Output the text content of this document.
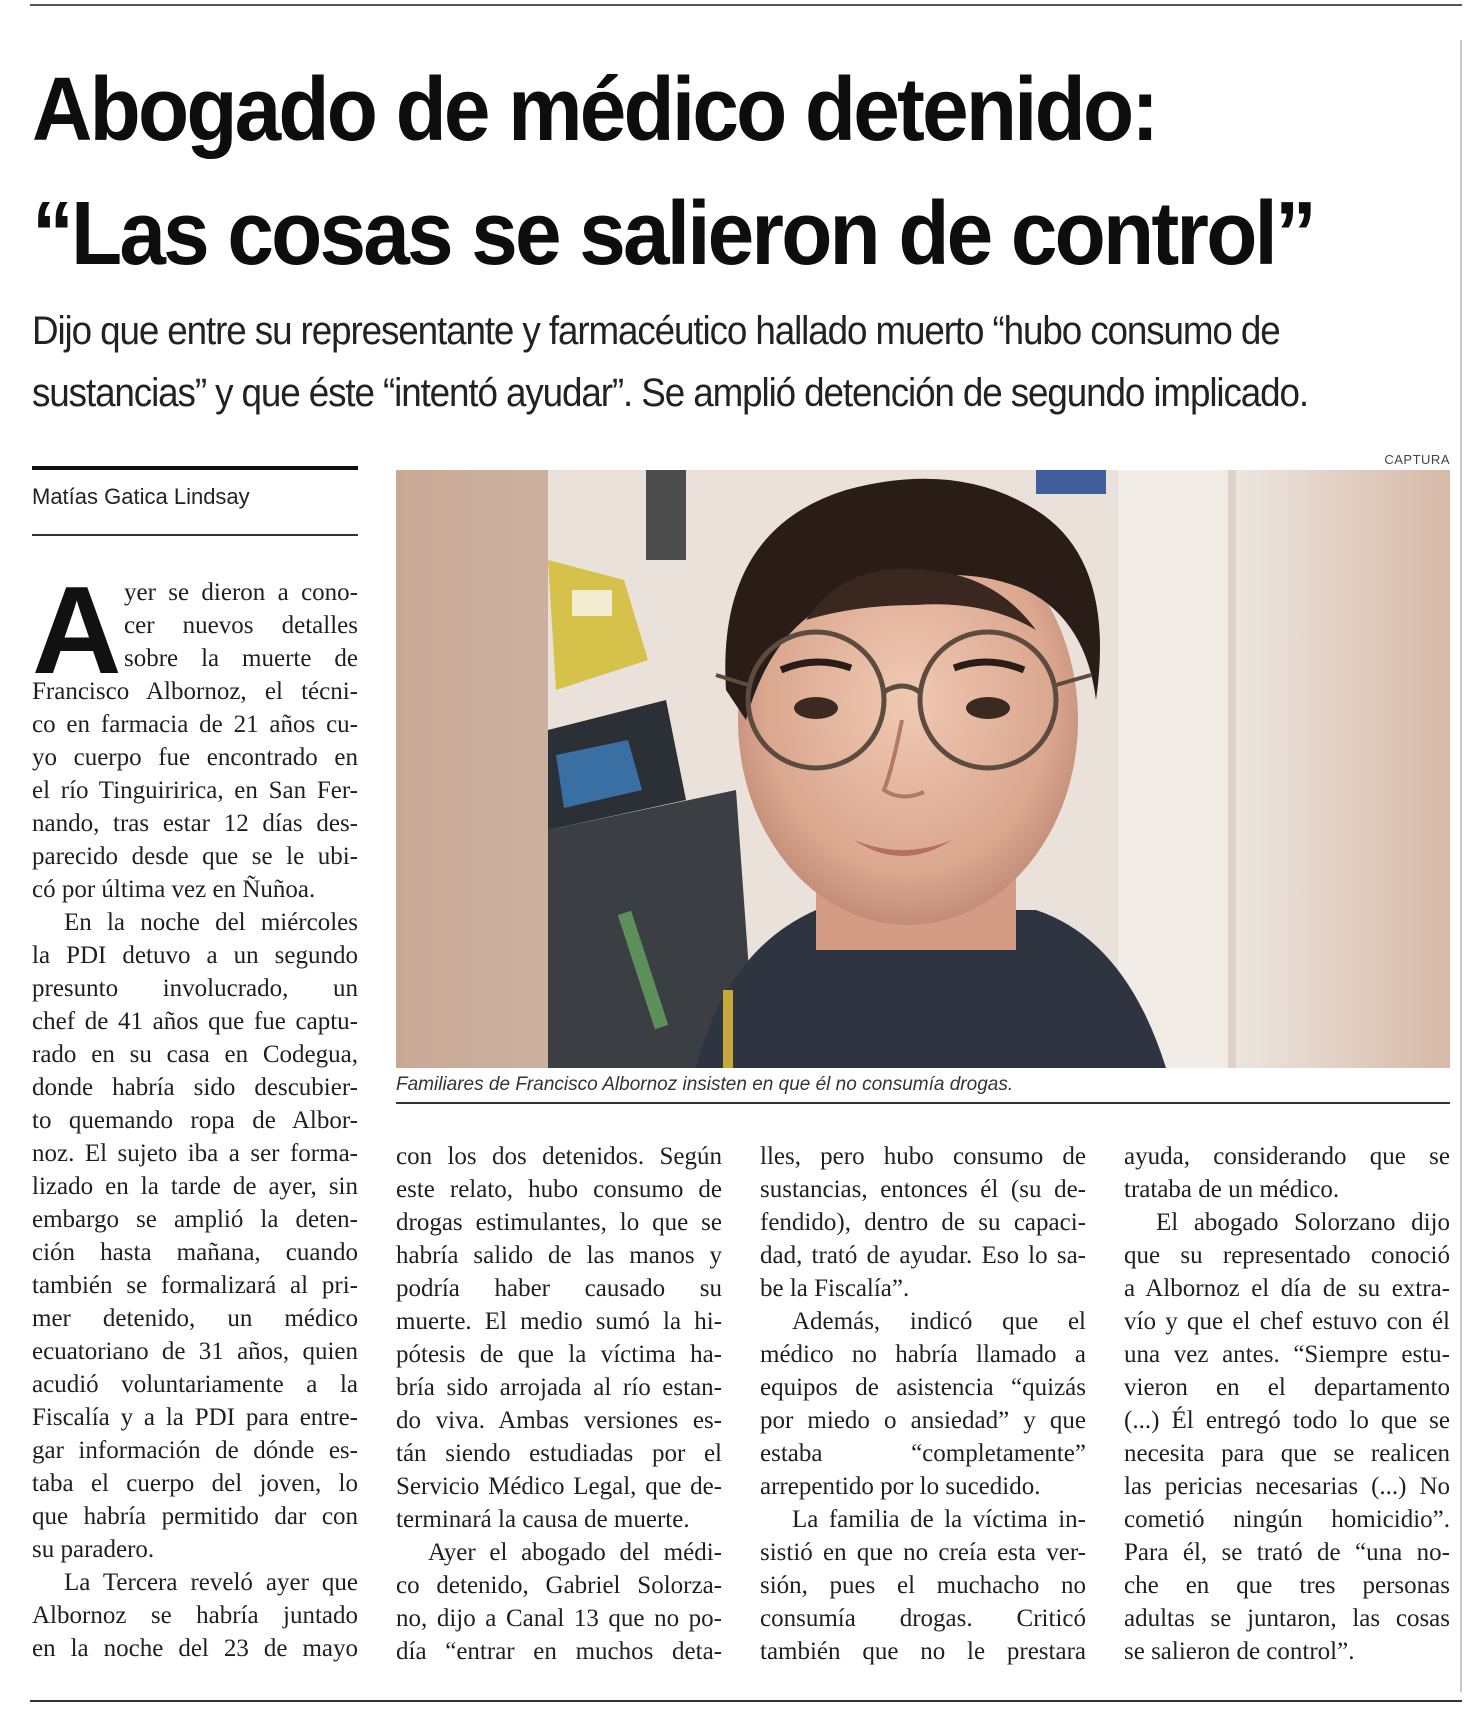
Abogado de médico detenido:
“Las cosas se salieron de control”
Dijo que entre su representante y farmacéutico hallado muerto “hubo consumo de
sustancias” y que éste “intentó ayudar”. Se amplió detención de segundo implicado.
Matías Gatica Lindsay
CAPTURA
Familiares de Francisco Albornoz insisten en que él no consumía drogas.
A yer se dieron a cono-
cer nuevos detalles
sobre la muerte de
Francisco Albornoz, el técni-
co en farmacia de 21 años cu-
yo cuerpo fue encontrado en
el río Tinguiririca, en San Fer-
nando, tras estar 12 días des-
parecido desde que se le ubi-
có por última vez en Ñuñoa.
En la noche del miércoles
la PDI detuvo a un segundo
presunto involucrado, un
chef de 41 años que fue captu-
rado en su casa en Codegua,
donde habría sido descubier-
to quemando ropa de Albor-
noz. El sujeto iba a ser forma-
lizado en la tarde de ayer, sin
embargo se amplió la deten-
ción hasta mañana, cuando
también se formalizará al pri-
mer detenido, un médico
ecuatoriano de 31 años, quien
acudió voluntariamente a la
Fiscalía y a la PDI para entre-
gar información de dónde es-
taba el cuerpo del joven, lo
que habría permitido dar con
su paradero.
La Tercera reveló ayer que
Albornoz se habría juntado
en la noche del 23 de mayo
con los dos detenidos. Según
este relato, hubo consumo de
drogas estimulantes, lo que se
habría salido de las manos y
podría haber causado su
muerte. El medio sumó la hi-
pótesis de que la víctima ha-
bría sido arrojada al río estan-
do viva. Ambas versiones es-
tán siendo estudiadas por el
Servicio Médico Legal, que de-
terminará la causa de muerte.
Ayer el abogado del médi-
co detenido, Gabriel Solorza-
no, dijo a Canal 13 que no po-
día “entrar en muchos deta-
lles, pero hubo consumo de
sustancias, entonces él (su de-
fendido), dentro de su capaci-
dad, trató de ayudar. Eso lo sa-
be la Fiscalía”.
Además, indicó que el
médico no habría llamado a
equipos de asistencia “quizás
por miedo o ansiedad” y que
estaba “completamente”
arrepentido por lo sucedido.
La familia de la víctima in-
sistió en que no creía esta ver-
sión, pues el muchacho no
consumía drogas. Criticó
también que no le prestara
ayuda, considerando que se
trataba de un médico.
El abogado Solorzano dijo
que su representado conoció
a Albornoz el día de su extra-
vío y que el chef estuvo con él
una vez antes. “Siempre estu-
vieron en el departamento
(...) Él entregó todo lo que se
necesita para que se realicen
las pericias necesarias (...) No
cometió ningún homicidio”.
Para él, se trató de “una no-
che en que tres personas
adultas se juntaron, las cosas
se salieron de control”.
